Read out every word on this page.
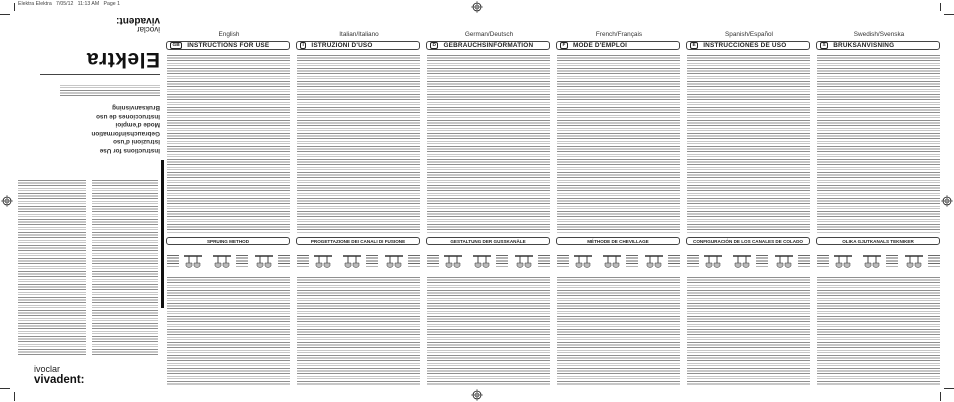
Elektra Elektra   7/05/12   11:13 AM   Page 1
Instructions for Use
Istruzioni d'uso
Gebrauchsinformation
Mode d'emploi
Instrucciones de uso
Bruksanvisning
Elektra
ivoclar
vivadent:
ivoclar
vivadent:
English
GB	INSTRUCTIONS FOR USE
SPRUING METHOD
Italian/Italiano
I	ISTRUZIONI D'USO
PROGETTAZIONE DEI CANALI DI FUSIONE
German/Deutsch
D	GEBRAUCHSINFORMATION
GESTALTUNG DER GUSSKANÄLE
French/Français
F	MODE D'EMPLOI
MÉTHODE DE CHEVILLAGE
Spanish/Español
E	INSTRUCCIONES DE USO
CONFIGURACIÓN DE LOS CANALES DE COLADO
Swedish/Svenska
S	BRUKSANVISNING
OLIKA GJUTKANALS TEKNIKER
